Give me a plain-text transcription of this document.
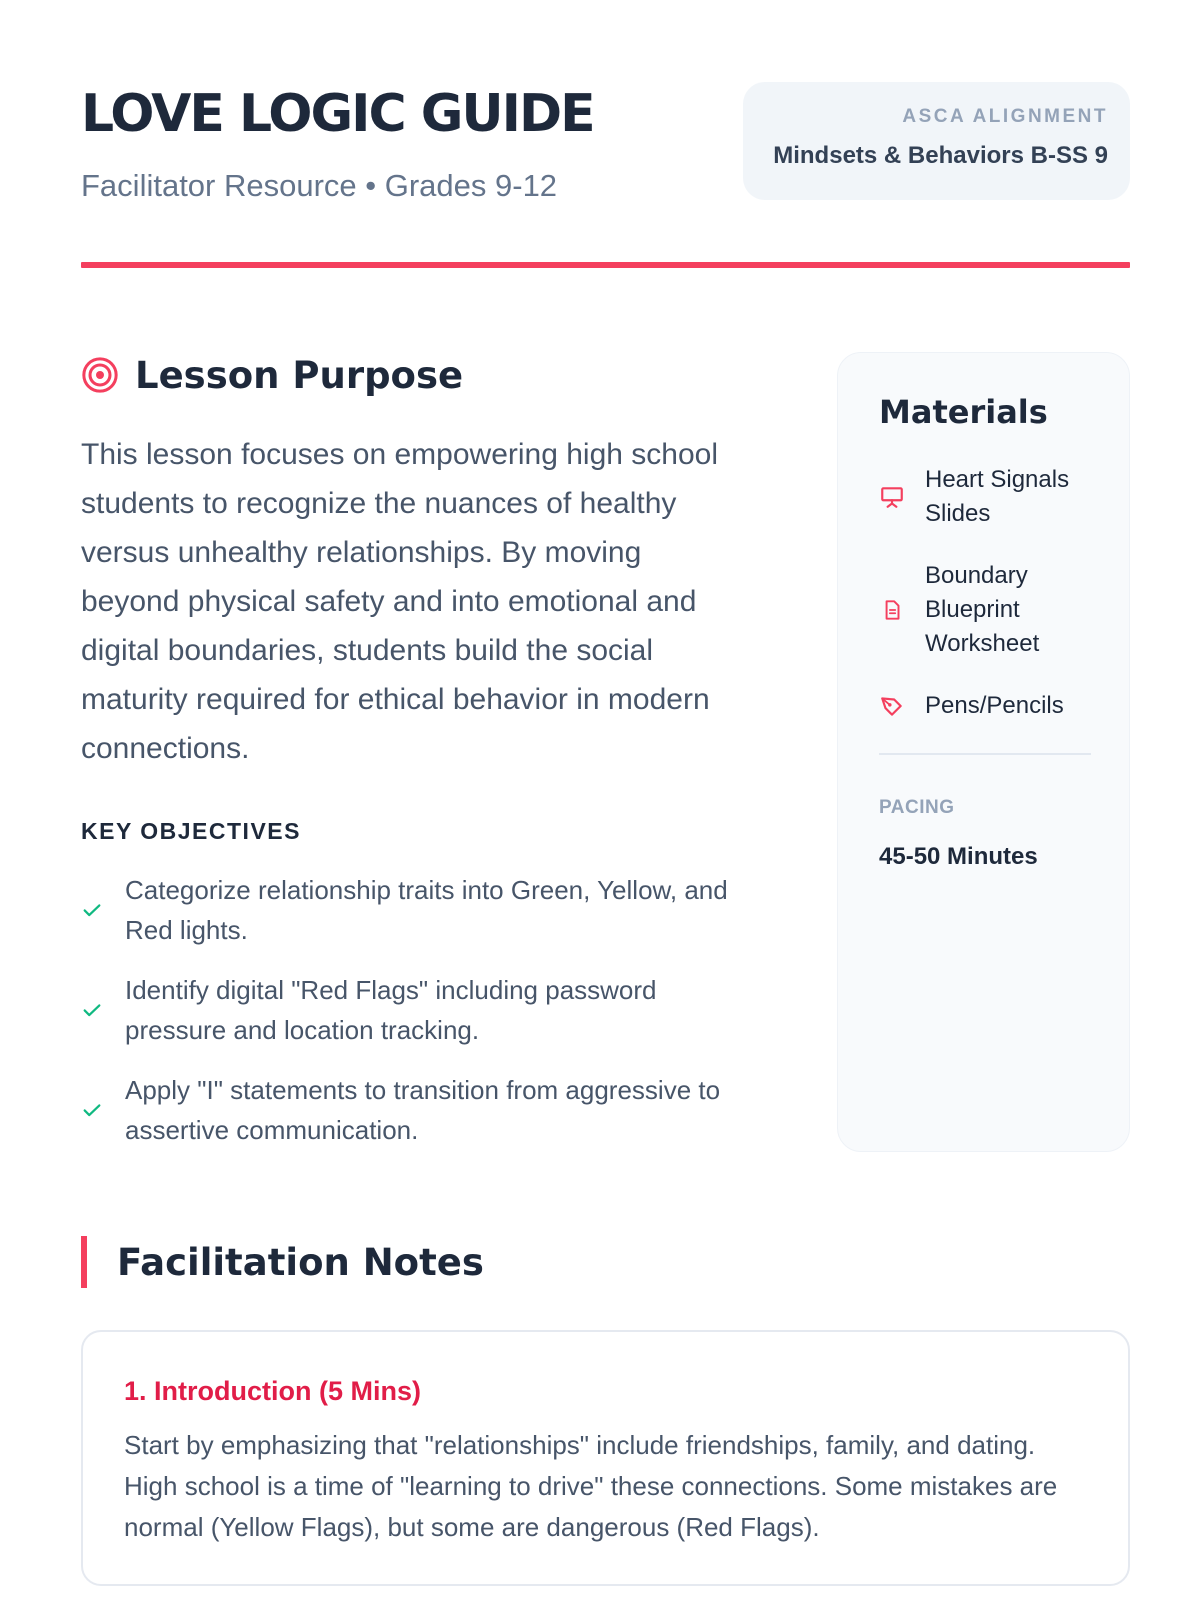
LOVE LOGIC GUIDE
Facilitator Resource • Grades 9-12
ASCA ALIGNMENT
Mindsets & Behaviors B-SS 9
Lesson Purpose

This lesson focuses on empowering high school students to recognize the nuances of healthy versus unhealthy relationships. By moving beyond physical safety and into emotional and digital boundaries, students build the social maturity required for ethical behavior in modern connections.

KEY OBJECTIVES
Categorize relationship traits into Green, Yellow, and Red lights.
Identify digital "Red Flags" including password pressure and location tracking.
Apply "I" statements to transition from aggressive to assertive communication.
Materials
Heart Signals Slides
Boundary Blueprint Worksheet
Pens/Pencils
PACING
45-50 Minutes
Facilitation Notes
1. Introduction (5 Mins)

Start by emphasizing that "relationships" include friendships, family, and dating. High school is a time of "learning to drive" these connections. Some mistakes are normal (Yellow Flags), but some are dangerous (Red Flags).
